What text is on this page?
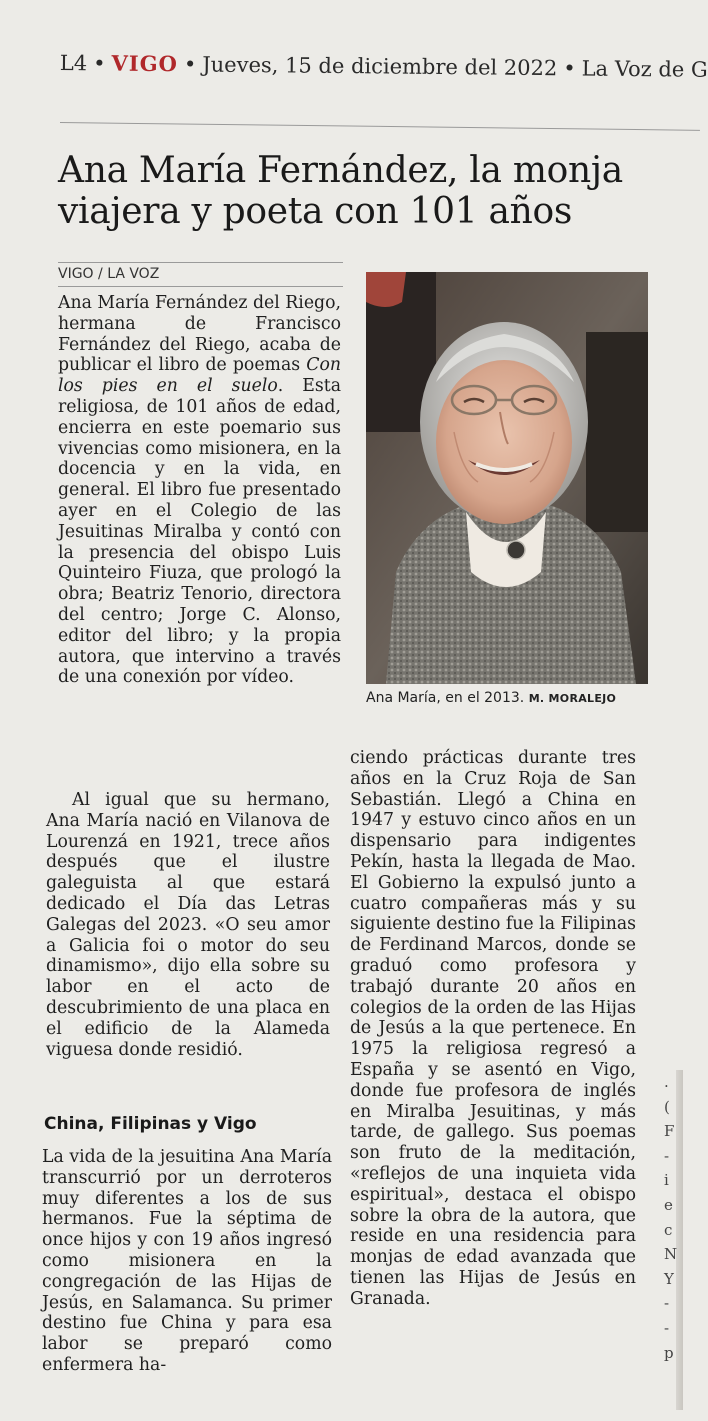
L4 • VIGO • Jueves, 15 de diciembre del 2022 • La Voz de G
Ana María Fernández, la monja viajera y poeta con 101 años
VIGO / LA VOZ

Ana María Fernández del Riego, hermana de Francisco Fernández del Riego, acaba de publicar el libro de poemas Con los pies en el suelo. Esta religiosa, de 101 años de edad, encierra en este poemario sus vivencias como misionera, en la docencia y en la vida, en general. El libro fue presentado ayer en el Colegio de las Jesuitinas Miralba y contó con la presencia del obispo Luis Quinteiro Fiuza, que prologó la obra; Beatriz Tenorio, directora del centro; Jorge C. Alonso, editor del libro; y la propia autora, que intervino a través de una conexión por vídeo.

Al igual que su hermano, Ana María nació en Vilanova de Lourenzá en 1921, trece años después que el ilustre galeguista al que estará dedicado el Día das Letras Galegas del 2023. «O seu amor a Galicia foi o motor do seu dinamismo», dijo ella sobre su labor en el acto de descubrimiento de una placa en el edificio de la Alameda viguesa donde residió.

China, Filipinas y Vigo

La vida de la jesuitina Ana María transcurrió por un derroteros muy diferentes a los de sus hermanos. Fue la séptima de once hijos y con 19 años ingresó como misionera en la congregación de las Hijas de Jesús, en Salamanca. Su primer destino fue China y para esa labor se preparó como enfermera ha-

Ana María, en el 2013. M. MORALEJO

ciendo prácticas durante tres años en la Cruz Roja de San Sebastián. Llegó a China en 1947 y estuvo cinco años en un dispensario para indigentes Pekín, hasta la llegada de Mao. El Gobierno la expulsó junto a cuatro compañeras más y su siguiente destino fue la Filipinas de Ferdinand Marcos, donde se graduó como profesora y trabajó durante 20 años en colegios de la orden de las Hijas de Jesús a la que pertenece. En 1975 la religiosa regresó a España y se asentó en Vigo, donde fue profesora de inglés en Miralba Jesuitinas, y más tarde, de gallego. Sus poemas son fruto de la meditación, «reflejos de una inquieta vida espiritual», destaca el obispo sobre la obra de la autora, que reside en una residencia para monjas de edad avanzada que tienen las Hijas de Jesús en Granada.

.
(
F
-
i
e
c
N
Y
-
-
p
